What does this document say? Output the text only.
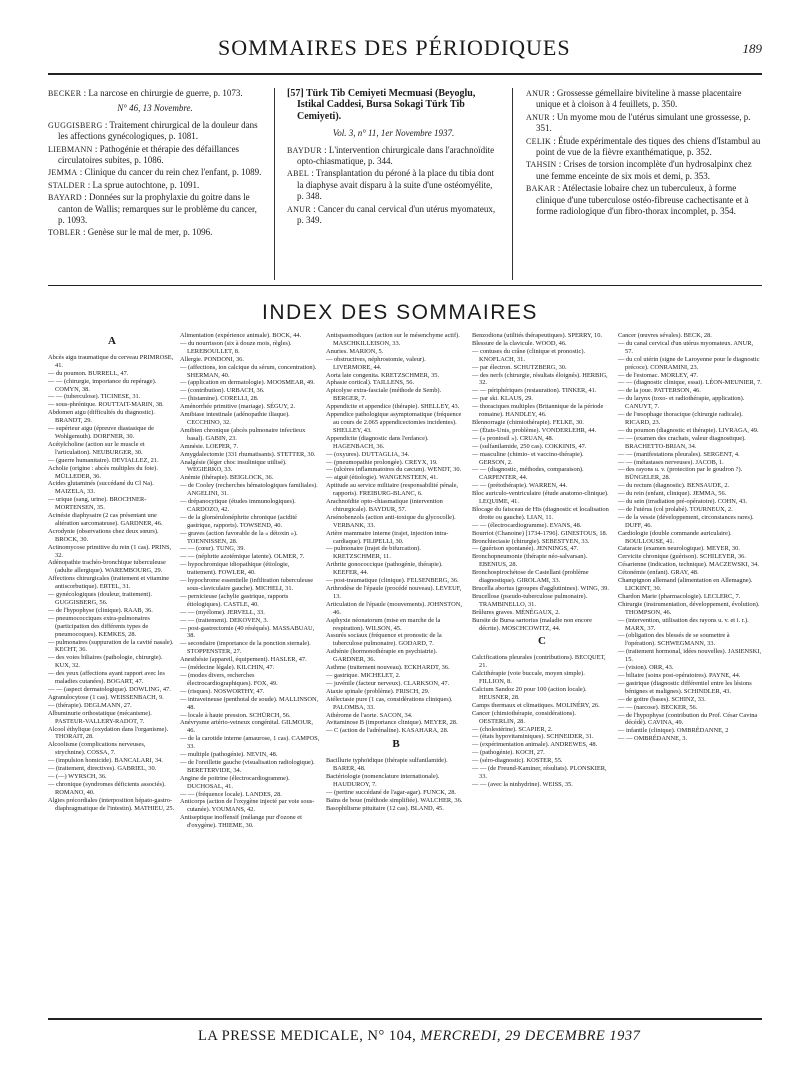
SOMMAIRES DES PÉRIODIQUES	189

BECKER : La narcose en chirurgie de guerre, p. 1073.

N° 46, 13 Novembre.

GUGGISBERG : Traitement chirurgical de la douleur dans les affections gynécologiques, p. 1081.

LIEBMANN : Pathogénie et thérapie des défaillances circulatoires subites, p. 1086.

JEMMA : Clinique du cancer du rein chez l'enfant, p. 1089.

STALDER : La sprue autochtone, p. 1091.

BAYARD : Données sur la prophylaxie du goitre dans le canton de Wallis; remarques sur le problème du cancer, p. 1093.

TOBLER : Genèse sur le mal de mer, p. 1096.

[57] Türk Tib Cemiyeti Mecmuasi (Beyoglu, Istikal Caddesi, Bursa Sokagi Türk Tib Cemiyeti).

Vol. 3, n° 11, 1er Novembre 1937.

BAYDUR : L'intervention chirurgicale dans l'arachnoïdite opto-chiasmatique, p. 344.

ABEL : Transplantation du péroné à la place du tibia dont la diaphyse avait disparu à la suite d'une ostéomyélite, p. 348.

ANUR : Cancer du canal cervical d'un utérus myomateux, p. 349.

ANUR : Grossesse gémellaire biviteline à masse placentaire unique et à cloison à 4 feuillets, p. 350.

ANUR : Un myome mou de l'utérus simulant une grossesse, p. 351.

CELIK : Étude expérimentale des tiques des chiens d'Istambul au point de vue de la fièvre exanthématique, p. 352.

TAHSIN : Crises de torsion incomplète d'un hydrosalpinx chez une femme enceinte de six mois et demi, p. 353.

BAKAR : Atélectasie lobaire chez un tuberculeux, à forme clinique d'une tuberculose ostéo-fibreuse cachectisante et à forme radiologique d'un fibro-thorax incomplet, p. 354.

INDEX DES SOMMAIRES

A

Abcès aigu traumatique du cerveau PRIMROSE, 41.

— du poumon. BURRELL, 47.

— — (chirurgie, importance du repérage). COMYN, 38.

— — (tuberculose). TICINESE, 31.

— sous-phrénique. ROUTTAIT-MARIN, 38.

Abdomen aigu (difficultés du diagnostic). BRANDT, 29.

— supérieur aigu (épreuve diastasique de Wohlgemuth). DORFNER, 30.

Acétylcholine (action sur le muscle et l'articulation). NEUBURGER, 30.

— (guerre humanitaire). DEVIALLEZ, 21.

Acholie (origine : abcès multiples du foie). MÜLLEDER, 36.

Acides glutaminés (succédané du Cl Na). MAIZELA, 33.

— urique (sang, urine). BROCHNER-MORTENSEN, 35.

Acinésie diaphysaire (2 cas présentant une altération sarcomateuse). GARDNER, 46.

Acrodynie (observations chez deux sœurs). BROCK, 30.

Actinomycose primitive du rein (1 cas). PRINS, 32.

Adénopathie trachéo-bronchique tuberculeuse (adulte allergique). WAREMBOURG, 29.

Affections chirurgicales (traitement et vitamine antiscorbutique). ERTEL, 31.

— gynécologiques (douleur, traitement). GUGGISBERG, 56.

— de l'hypophyse (clinique). RAAB, 36.

— pneumococciques extra-pulmonaires (participation des différents types de pneumocoques). KEMKES, 28.

— pulmonaires (suppuration de la cavité nasale). KECHT, 36.

— des voies biliaires (pathologie, chirurgie). KUX, 32.

— des yeux (affections ayant rapport avec les maladies cutanées). BOGART, 47.

— — (aspect dermatologique). DOWLING, 47.

Agranulocytose (1 cas). WEISSENBACH, 9.

— (thérapie). DEGLMANN, 27.

Albuminurie orthostatique (mécanisme). PASTEUR-VALLERY-RADOT, 7.

Alcool éthylique (oxydation dans l'organisme). THORAIT, 28.

Alcoolisme (complications nerveuses, strychnine). COSSA, 7.

— (impulsion homicide). BANCALARI, 34.

— (traitement, directives). GABRIEL, 30.

— (—) WYRSCH, 36.

— chronique (syndromes déficients associés). ROMANO, 40.

Algies précordiales (interposition hépato-gastro-diaphragmatique de l'intestin). MATHIEU, 25.

Alimentation (expérience animale). BOCK, 44.

— du nourrisson (six à douze mois, règles). LEREBOULLET, 8.

Allergie. PONDONI, 36.

— (affections, ion calcique du sérum, concentration). SHERMAN, 40.

— (application en dermatologie). MOOSMEAR, 49.

— (contribution). URBACH, 36.

— (histamine). CORELLI, 28.

Aménorrhée primitive (mariage). SÉGUY, 2.

Amibiase intestinale (adénopathie iliaque). CECCHINO, 32.

Amibien chronique (abcès pulmonaire infectieux basal). GABIN, 23.

Amnésie. LOEPER, 7.

Amygdalectomie (331 rhumatisants). STETTER, 30.

Analgésie (léger choc insulinique utilisé). WEGIERKO, 33.

Anémie (thérapie). BEIGLOCK, 36.

— de Cooley (recherches hématologiques familiales). ANGELINI, 31.

— drépanocytique (études immunologiques). CARDOZO, 42.

— de la glomérulonéphrite chronique (acidité gastrique, rapports). TOWSEND, 40.

— graves (action favorable de la « détoxin »). TOENNISSEN, 28.

— — (cœur). TUNG, 39.

— — (néphrite azotémique latente). OLMER, 7.

— hypochromique idiopathique (étiologie, traitement). FOWLER, 40.

— hypochrome essentielle (infiltration tuberculeuse sous-claviculaire gauche). MICHELI, 31.

— pernicieuse (achylie gastrique, rapports étiologiques). CASTLE, 40.

— — (myélome). JERVELL, 33.

— — (traitement). DEKOVEN, 3.

— post-gastrectomie (40 réséqués). MASSABUAU, 38.

— secondaire (importance de la ponction sternale). STOPPENSTER, 27.

Anesthésie (appareil, équipement). HASLER, 47.

— (médecine légale). KILCHIN, 47.

— (modes divers, recherches électrocardiographiques). FOX, 49.

— (risques). NOSWORTHY, 47.

— intraveineuse (penthotal de soude). MALLINSON, 48.

— locale à haute pression. SCHÜRCH, 56.

Anévrysme artério-veineux congénital. GILMOUR, 46.

— de la carotide interne (amaurose, 1 cas). CAMPOS, 33.

— multiple (pathogénie). NEVIN, 48.

— de l'oreillette gauche (visualisation radiologique). BERETERVIDE, 34.

Angine de poitrine (électrocardiogramme). DUCHOSAL, 41.

— — (fréquence locale). LANDES, 28.

Anticorps (action de l'oxygène injecté par voie sous-cutanée). YOUMANS, 42.

Antiseptique inoffensif (mélange pur d'ozone et d'oxygène). THIEME, 30.

Antispasmodiques (action sur le mésenchyme actif). MASCHKILLEISON, 33.

Anuries. MARION, 5.

— obstructives, néphrostomie, valeur). LIVERMORE, 44.

Aorta late congenita. KRETZSCHMER, 35.

Aphasie cortical). TAILLENS, 56.

Apicolyse extra-fasciale (méthode de Semb). BERGER, 7.

Appendicite et appendice (thérapie). SHELLEY, 43.

Appendice pathologique asymptomatique (fréquence au cours de 2.065 appendicectomies incidentes). SHELLEY, 43.

Appendicite (diagnostic dans l'enfance). HAGENBACH, 36.

— (oxyures). DUTTAGLIA, 34.

— (pneumopathie prolongée). CREYX, 19.

— (ulcères inflammatoires du cæcum). WENDT, 30.

— aiguë (étiologie). WANGENSTEEN, 41.

Aptitude au service militaire (responsabilité pénale, rapports). FREIBURG-BLANC, 6.

Arachnoïdite opto-chiasmatique (intervention chirurgicale). BAYDUR, 57.

Arsénobenzols (action anti-toxique du glycocolle). VERBANK, 33.

Artère mammaire interne (trajet, injection intra-cardiaque). FILIPELLI, 30.

— pulmonaire (trajet de bifurcation). KRETZSCHMER, 11.

Arthrite gonococcique (pathogénie, thérapie). KEEFER, 44.

— post-traumatique (clinique). FELSENBERG, 36.

Arthrodèse de l'épaule (procédé nouveau). LEVEUF, 13.

Articulation de l'épaule (mouvements). JOHNSTON, 46.

Asphyxie néonatorum (mise en marche de la respiration). WILSON, 45.

Assurés sociaux (fréquence et pronostic de la tuberculose pulmonaire). GODARD, 7.

Asthénie (hormonothérapie en psychiatrie). GARDNER, 36.

Asthme (traitement nouveau). ECKHARDT, 36.

— gastrique. MICHELET, 2.

— juvénile (facteur nerveux). CLARKSON, 47.

Ataxie spinale (problème). FRISCH, 29.

Atélectasie pure (1 cas, considérations cliniques). PALOMBA, 33.

Athérome de l'aorte. SACON, 34.

Avitaminose B (importance clinique). MEYER, 28.

— C (action de l'adrénaline). KASAHARA, 28.

B

Bacillurie typhoïdique (thérapie sulfanilamide). BARER, 48.

Bactériologie (nomenclature internationale). HAUDUROY, 7.

— (pertine succédané de l'agar-agar). FUNCK, 28.

Bains de boue (méthode simplifiée). WALCHER, 36.

Basophilisme pituitaire (12 cas). BLAND, 45.

Benzodiona (utilités thérapeutiques). SPERRY, 10.

Blessure de la clavicule. WOOD, 46.

— contuses du crâne (clinique et pronostic). KNOFLACH, 31.

— par électron. SCHUTZBERG, 30.

— des nerfs (chirurgie, résultats éloignés). HERBIG, 32.

— — périphériques (restauration). TINKER, 41.

— par ski. KLAUS, 29.

— thoraciques multiples (Britannique de la période romaine). HANDLEY, 46.

Blennorragie (chimiothérapie). FELKE, 30.

— (États-Unis, problème). VONDERLEHR, 44.

— (« prontosil »). CRUAN, 48.

— (sulfanilamide, 250 cas). COKKINIS, 47.

— masculine (chimio- et vaccino-thérapie). GERSON, 2.

— — (diagnostic, méthodes, comparaison). CARPENTER, 44.

— — (prétothérapie). WARREN, 44.

Bloc auriculo-ventriculaire (étude anatomo-clinique). LEQUIME, 41.

Blocage du faisceau de His (diagnostic et localisation droite ou gauche). LIAN, 11.

— — (électrocardiogramme). EVANS, 48.

Bourriot (Chanoine) [1734-1796]. GINESTOUS, 18.

Bronchiectasie (chirurgie). SEBESTYEN, 33.

— (guérison spontanée). JENNINGS, 47.

Bronchopneumonie (thérapie néo-salvarsan). EBENIUS, 28.

Bronchospirochétose de Castellani (problème diagnostique). GIROLAMI, 33.

Brucella abortus (groupes d'agglutinines). WING, 39.

Brucellose (pseudo-tuberculose pulmonaire). TRAMBINELLO, 31.

Brûlures graves. MÉNÉGAUX, 2.

Bursite de Bursa sartorius (maladie non encore décrite). MOSCHCOWITZ, 44.

C

Calcifications pleurales (contributions). BECQUET, 21.

Calcithérapie (voie buccale, moyen simple). FILLION, 8.

Calcium Sandoz 20 pour 100 (action locale). HEUSNER, 28.

Camps thermaux et climatiques. MOLINÉRY, 26.

Cancer (chimiothérapie, considérations). OESTERLIN, 28.

— (cholestérine). SCAPIER, 2.

— (états hypovitaminiques). SCHNEIDER, 31.

— (expérimentation animale). ANDREWES, 48.

— (pathogénie). KOCH, 27.

— (séro-diagnostic). KOSTER, 55.

— — (de Freund-Kaminer, résultats). PLONSKIER, 33.

— — (avec la ninhydrine). WEISS, 35.

Cancer (œuvres sévales). BECK, 28.

— du canal cervical d'un utérus myomateux. ANUR, 57.

— du col utérin (signe de Laroyenne pour le diagnostic précoce). CONRAMINI, 23.

— de l'estomac. MORLEY, 47.

— — (diagnostic clinique, essai). LÉON-MEUNIER, 7.

— de la joue. PATTERSON, 46.

— du larynx (toxo- et radiothérapie, application). CANUYT, 7.

— de l'œsophage thoracique (chirurgie radicale). RICARD, 23.

— du poumon (diagnostic et thérapie). LIVRAGA, 49.

— — (examen des crachats, valeur diagnostique). BRACHETTO-BRIAN, 34.

— — (manifestations pleurales). SERGENT, 4.

— — (métastases nerveuses). JACOB, 1.

— des rayons u. v. (protection par le goudron ?). BÜNGELER, 28.

— du rectum (diagnostic). BENSAUDE, 2.

— du rein (enfant, clinique). JEMMA, 56.

— du sein (irradiation pré-opératoire). COHN, 43.

— de l'utérus (col prolabé). TOURNEUX, 2.

— de la vessie (développement, circonstances rares). DUFF, 46.

Cardiologie (double commande auriculaire). BOULLOUSE, 41.

Cataracte (examen neurologique). MEYER, 30.

Cervicite chronique (guérison). SCHILEYER, 36.

Césarienne (indication, technique). MACZEWSKI, 34.

Cétonémie (enfant). GRAY, 48.

Champignon allemand (alimentation en Allemagne). LICKINT, 30.

Chardon Marie (pharmacologie). LECLERC, 7.

Chirurgie (instrumentation, développement, évolution). THOMPSON, 46.

— (intervention, utilisation des rayons u. v. et i. r.). MARX, 37.

— (obligation des blessés de se soumettre à l'opération). SCHWEGMANN, 33.

— (traitement hormonal, idées nouvelles). JASIENSKI, 15.

— (vision). ORR, 43.

— biliaire (soins post-opératoires). PAYNE, 44.

— gastrique (diagnostic différentiel entre les lésions bénignes et malignes). SCHINDLER, 43.

— de goitre (bases). SCHINZ, 33.

— — (narcose). BECKER, 56.

— de l'hypophyse (contribution du Prof. César Cavina décédé). CAVINA, 49.

— infantile (clinique). OMBRÉDANNE, 2

— — OMBRÉDANNE, 3.

LA PRESSE MEDICALE, N° 104, MERCREDI, 29 DECEMBRE 1937
